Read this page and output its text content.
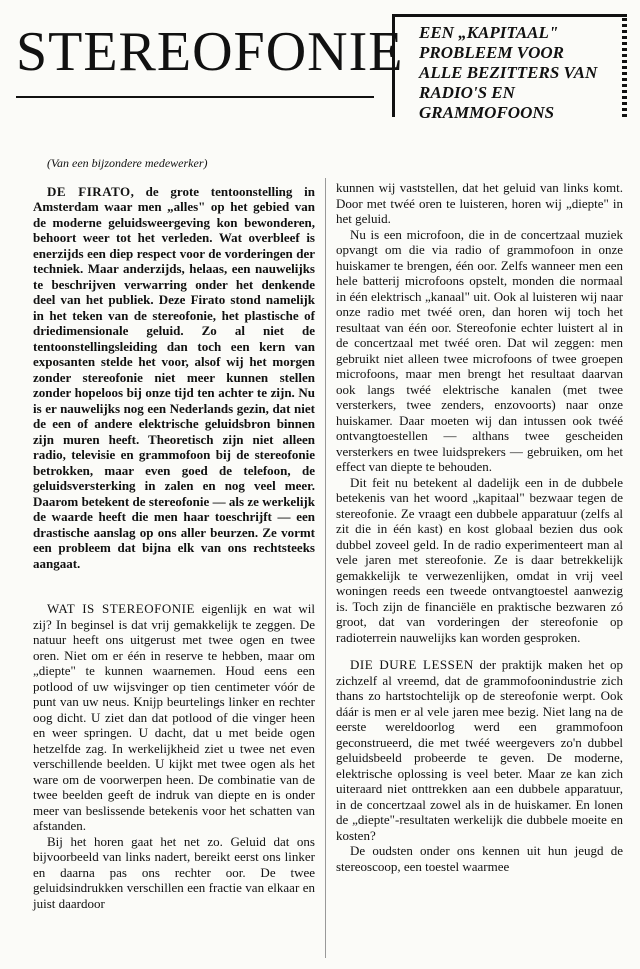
STEREOFONIE EEN „KAPITAAL" PROBLEEM VOOR ALLE BEZITTERS VAN RADIO'S EN GRAMMOFOONS

(Van een bijzondere medewerker)

DE FIRATO, de grote tentoonstelling in Amsterdam waar men „alles" op het gebied van de moderne geluidsweergeving kon bewonderen, behoort weer tot het verleden. Wat overbleef is enerzijds een diep respect voor de vorderingen der techniek. Maar anderzijds, helaas, een nauwelijks te beschrijven verwarring onder het denkende deel van het publiek. Deze Firato stond namelijk in het teken van de stereofonie, het plastische of driedimensionale geluid. Zo al niet de tentoonstellingsleiding dan toch een kern van exposanten stelde het voor, alsof wij het morgen zonder stereofonie niet meer kunnen stellen zonder hopeloos bij onze tijd ten achter te zijn. Nu is er nauwelijks nog een Nederlands gezin, dat niet de een of andere elektrische geluidsbron binnen zijn muren heeft. Theoretisch zijn niet alleen radio, televisie en grammofoon bij de stereofonie betrokken, maar even goed de telefoon, de geluidsversterking in zalen en nog veel meer. Daarom betekent de stereofonie — als ze werkelijk de waarde heeft die men haar toeschrijft — een drastische aanslag op ons aller beurzen. Ze vormt een probleem dat bijna elk van ons rechtsteeks aangaat.

WAT IS STEREOFONIE eigenlijk en wat wil zij? In beginsel is dat vrij gemakkelijk te zeggen. De natuur heeft ons uitgerust met twee ogen en twee oren. Niet om er één in reserve te hebben, maar om „diepte" te kunnen waarnemen. Houd eens een potlood of uw wijsvinger op tien centimeter vóór de punt van uw neus. Knijp beurtelings linker en rechter oog dicht. U ziet dan dat potlood of die vinger heen en weer springen. U dacht, dat u met beide ogen hetzelfde zag. In werkelijkheid ziet u twee net even verschillende beelden. U kijkt met twee ogen als het ware om de voorwerpen heen. De combinatie van de twee beelden geeft de indruk van diepte en is onder meer van beslissende betekenis voor het schatten van afstanden.

Bij het horen gaat het net zo. Geluid dat ons bijvoorbeeld van links nadert, bereikt eerst ons linker en daarna pas ons rechter oor. De twee geluidsindrukken verschillen een fractie van elkaar en juist daardoor

kunnen wij vaststellen, dat het geluid van links komt. Door met twéé oren te luisteren, horen wij „diepte" in het geluid.

Nu is een microfoon, die in de concertzaal muziek opvangt om die via radio of grammofoon in onze huiskamer te brengen, één oor. Zelfs wanneer men een hele batterij microfoons opstelt, monden die normaal in één elektrisch „kanaal" uit. Ook al luisteren wij naar onze radio met twéé oren, dan horen wij toch het resultaat van één oor. Stereofonie echter luistert al in de concertzaal met twéé oren. Dat wil zeggen: men gebruikt niet alleen twee microfoons of twee groepen microfoons, maar men brengt het resultaat daarvan ook langs twéé elektrische kanalen (met twee versterkers, twee zenders, enzovoorts) naar onze huiskamer. Daar moeten wij dan intussen ook twéé ontvangtoestellen — althans twee gescheiden versterkers en twee luidsprekers — gebruiken, om het effect van diepte te behouden.

Dit feit nu betekent al dadelijk een in de dubbele betekenis van het woord „kapitaal" bezwaar tegen de stereofonie. Ze vraagt een dubbele apparatuur (zelfs al zit die in één kast) en kost globaal bezien dus ook dubbel zoveel geld. In de radio experimenteert man al vele jaren met stereofonie. Ze is daar betrekkelijk gemakkelijk te verwezenlijken, omdat in vrij veel woningen reeds een tweede ontvangtoestel aanwezig is. Toch zijn de financiële en praktische bezwaren zó groot, dat van vorderingen der stereofonie op radioterrein nauwelijks kan worden gesproken.

DIE DURE LESSEN der praktijk maken het op zichzelf al vreemd, dat de grammofoonindustrie zich thans zo hartstochtelijk op de stereofonie werpt. Ook dáár is men er al vele jaren mee bezig. Niet lang na de eerste wereldoorlog werd een grammofoon geconstrueerd, die met twéé weergevers zo'n dubbel geluidsbeeld probeerde te geven. De moderne, elektrische oplossing is veel beter. Maar ze kan zich uiteraard niet onttrekken aan een dubbele apparatuur, in de concertzaal zowel als in de huiskamer. En lonen de „diepte"-resultaten werkelijk die dubbele moeite en kosten?

De oudsten onder ons kennen uit hun jeugd de stereoscoop, een toestel waarmee
